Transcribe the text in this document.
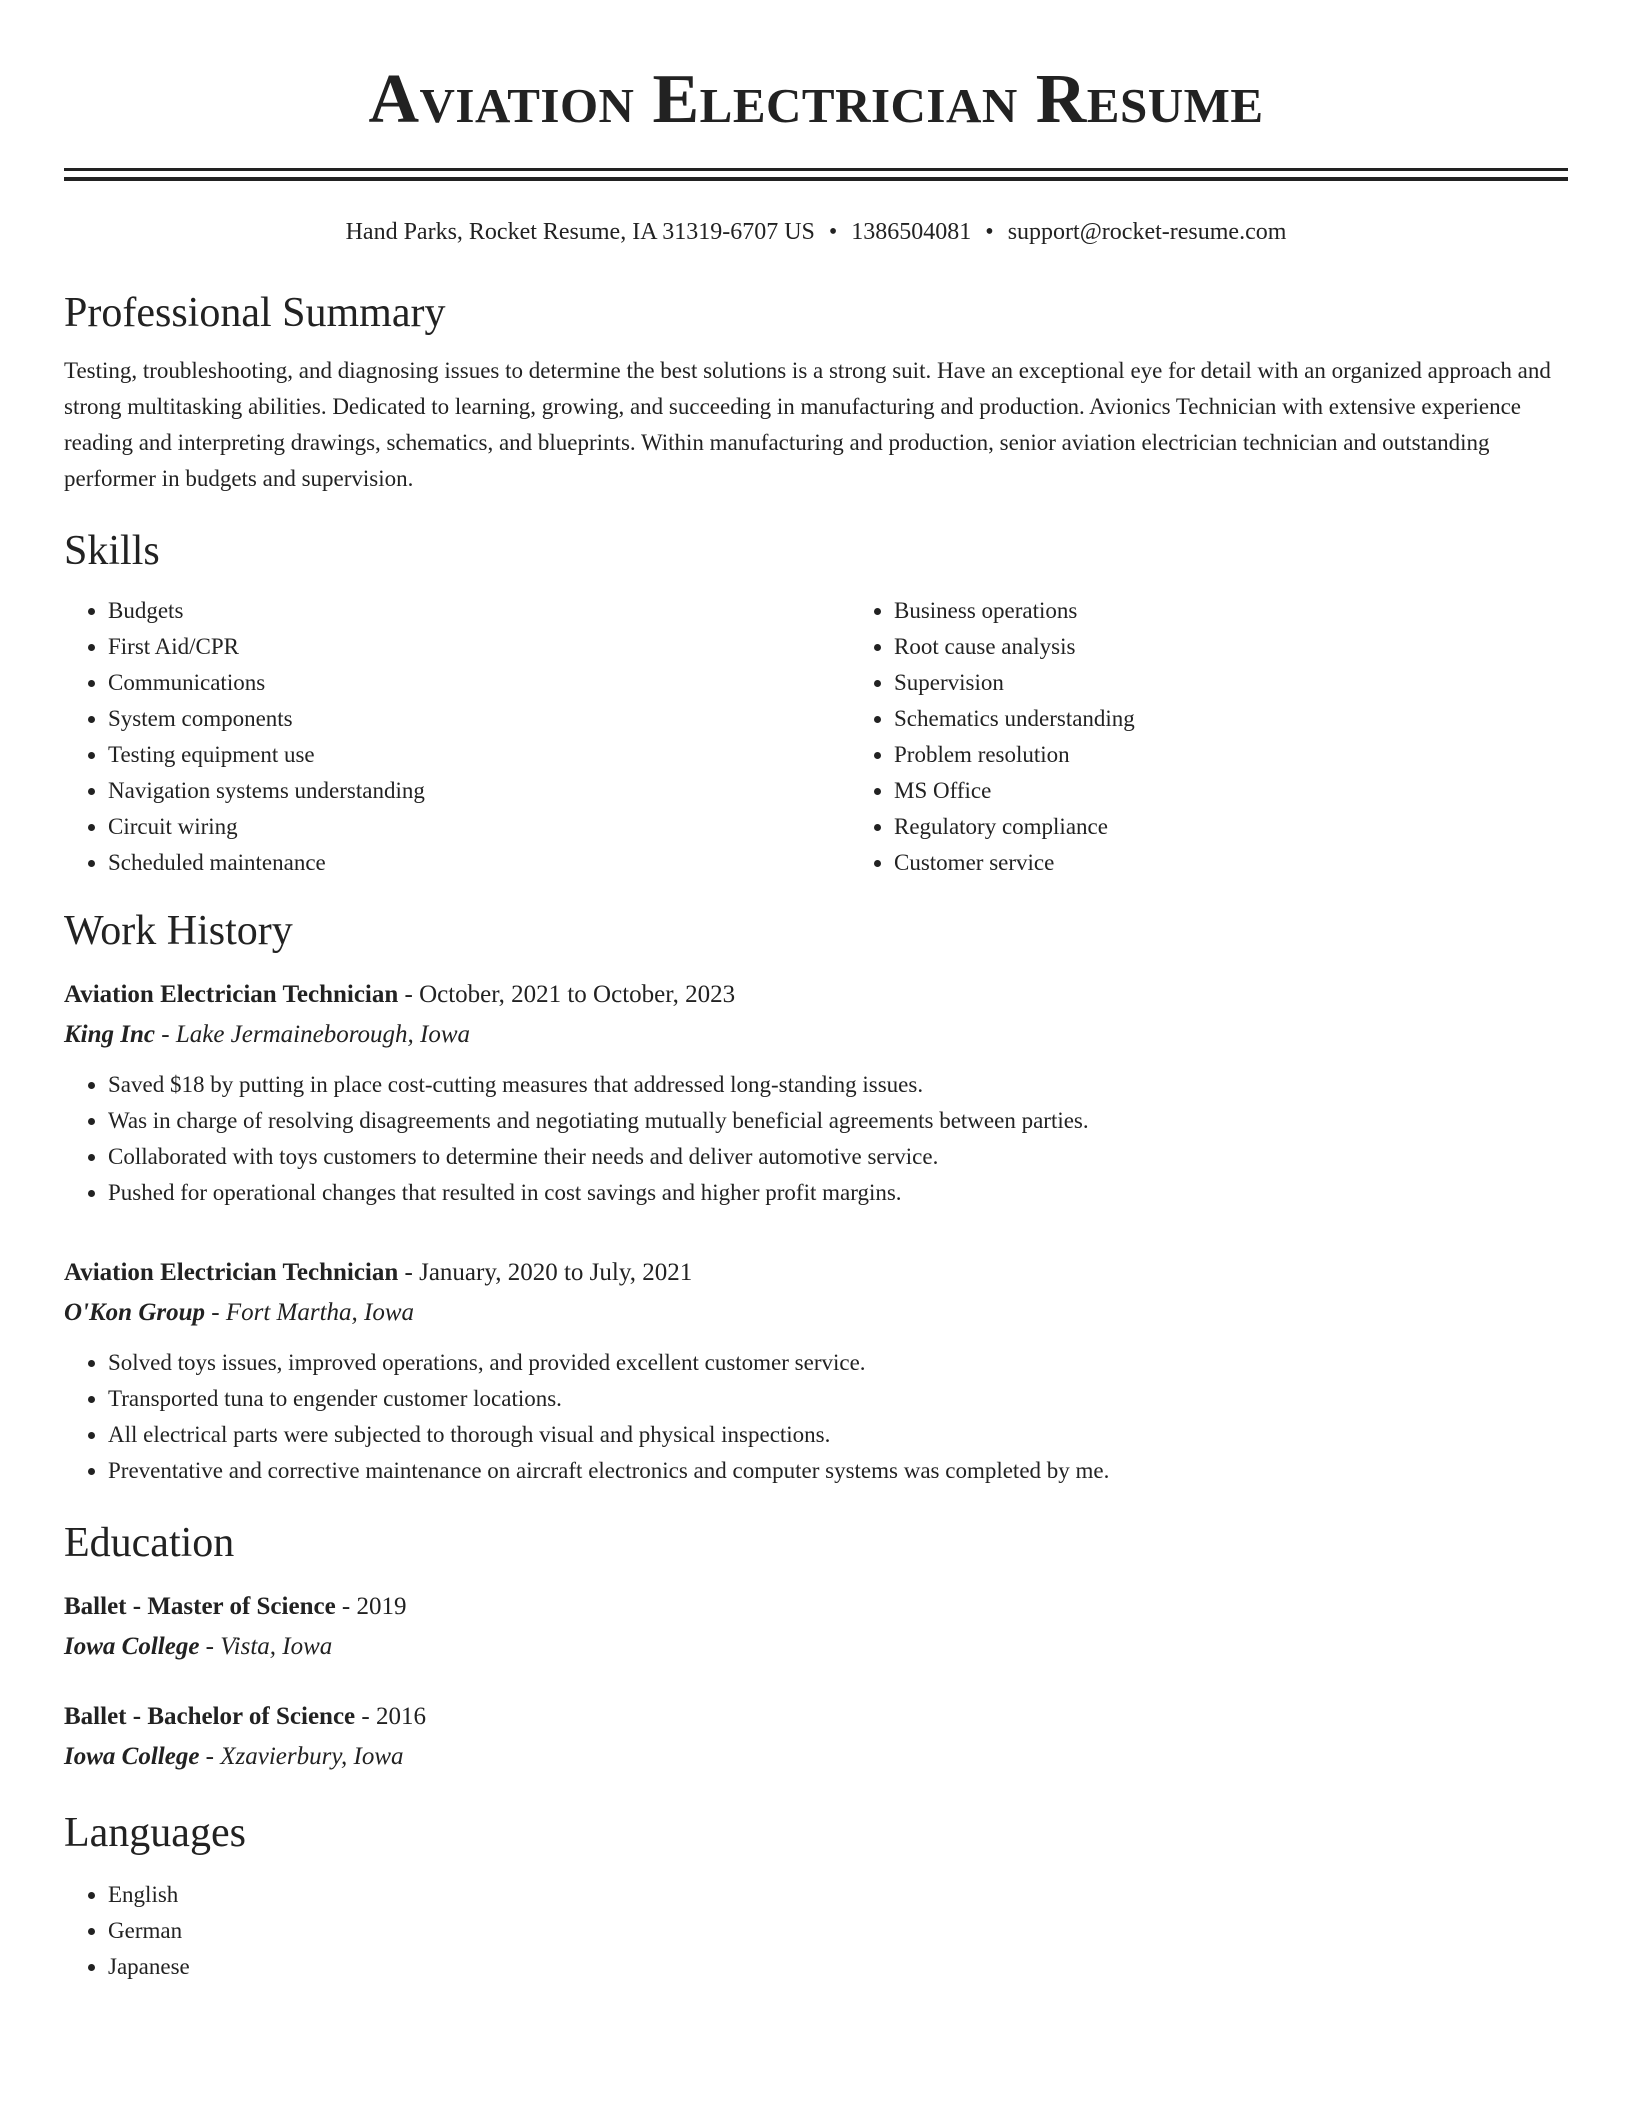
Aviation Electrician Resume
Hand Parks, Rocket Resume, IA 31319-6707 US • 1386504081 • support@rocket-resume.com
Professional Summary

Testing, troubleshooting, and diagnosing issues to determine the best solutions is a strong suit. Have an exceptional eye for detail with an organized approach and strong multitasking abilities. Dedicated to learning, growing, and succeeding in manufacturing and production. Avionics Technician with extensive experience reading and interpreting drawings, schematics, and blueprints. Within manufacturing and production, senior aviation electrician technician and outstanding performer in budgets and supervision.

Skills
• Budgets
• First Aid/CPR
• Communications
• System components
• Testing equipment use
• Navigation systems understanding
• Circuit wiring
• Scheduled maintenance
• Business operations
• Root cause analysis
• Supervision
• Schematics understanding
• Problem resolution
• MS Office
• Regulatory compliance
• Customer service
Work History
Aviation Electrician Technician - October, 2021 to October, 2023
King Inc - Lake Jermaineborough, Iowa
• Saved $18 by putting in place cost-cutting measures that addressed long-standing issues.
• Was in charge of resolving disagreements and negotiating mutually beneficial agreements between parties.
• Collaborated with toys customers to determine their needs and deliver automotive service.
• Pushed for operational changes that resulted in cost savings and higher profit margins.
Aviation Electrician Technician - January, 2020 to July, 2021
O'Kon Group - Fort Martha, Iowa
• Solved toys issues, improved operations, and provided excellent customer service.
• Transported tuna to engender customer locations.
• All electrical parts were subjected to thorough visual and physical inspections.
• Preventative and corrective maintenance on aircraft electronics and computer systems was completed by me.
Education
Ballet - Master of Science - 2019
Iowa College - Vista, Iowa
Ballet - Bachelor of Science - 2016
Iowa College - Xzavierbury, Iowa
Languages
• English
• German
• Japanese
